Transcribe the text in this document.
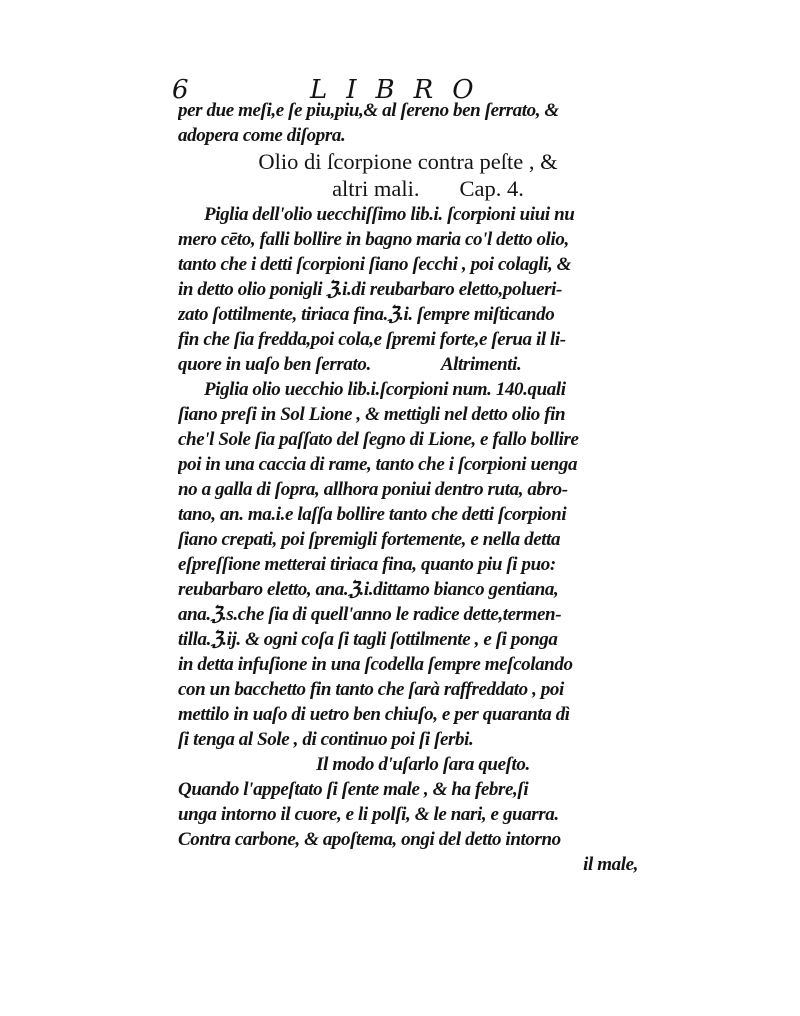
6	LIBRO
per due meſi,e ſe piu,piu,& al ſereno ben ſerrato, &
adopera come diſopra.
Olio di ſcorpione contra peſte , &
altri mali. Cap. 4.
Piglia dell'olio uecchiſſimo lib.i. ſcorpioni uiui nu
mero cēto, falli bollire in bagno maria co'l detto olio,
tanto che i detti ſcorpioni ſiano ſecchi , poi colagli, &
in detto olio ponigli ℨ.i.di reubarbaro eletto,polueri-
zato ſottilmente, tiriaca fina.ℨ.i. ſempre miſticando
fin che ſia fredda,poi cola,e ſpremi forte,e ſerua il li-
quore in uaſo ben ſerrato.	Altrimenti.
Piglia olio uecchio lib.i.ſcorpioni num. 140.quali
ſiano preſi in Sol Lione , & mettigli nel detto olio fin
che'l Sole ſia paſſato del ſegno di Lione, e fallo bollire
poi in una caccia di rame, tanto che i ſcorpioni uenga
no a galla di ſopra, allhora poniui dentro ruta, abro-
tano, an. ma.i.e laſſa bollire tanto che detti ſcorpioni
ſiano crepati, poi ſpremigli fortemente, e nella detta
eſpreſſione metterai tiriaca fina, quanto piu ſi puo:
reubarbaro eletto, ana.ℨ.i.dittamo bianco gentiana,
ana.ℨ.s.che ſia di quell'anno le radice dette,termen-
tilla.ℨ.ij. & ogni coſa ſi tagli ſottilmente , e ſi ponga
in detta infuſione in una ſcodella ſempre meſcolando
con un bacchetto fin tanto che ſarà raffreddato , poi
mettilo in uaſo di uetro ben chiuſo, e per quaranta dì
ſi tenga al Sole , di continuo poi ſi ſerbi.
Il modo d'uſarlo ſara queſto.
Quando l'appeſtato ſi ſente male , & ha febre,ſi
unga intorno il cuore, e li polſi, & le nari, e guarra.
Contra carbone, & apoſtema, ongi del detto intorno
il male,
